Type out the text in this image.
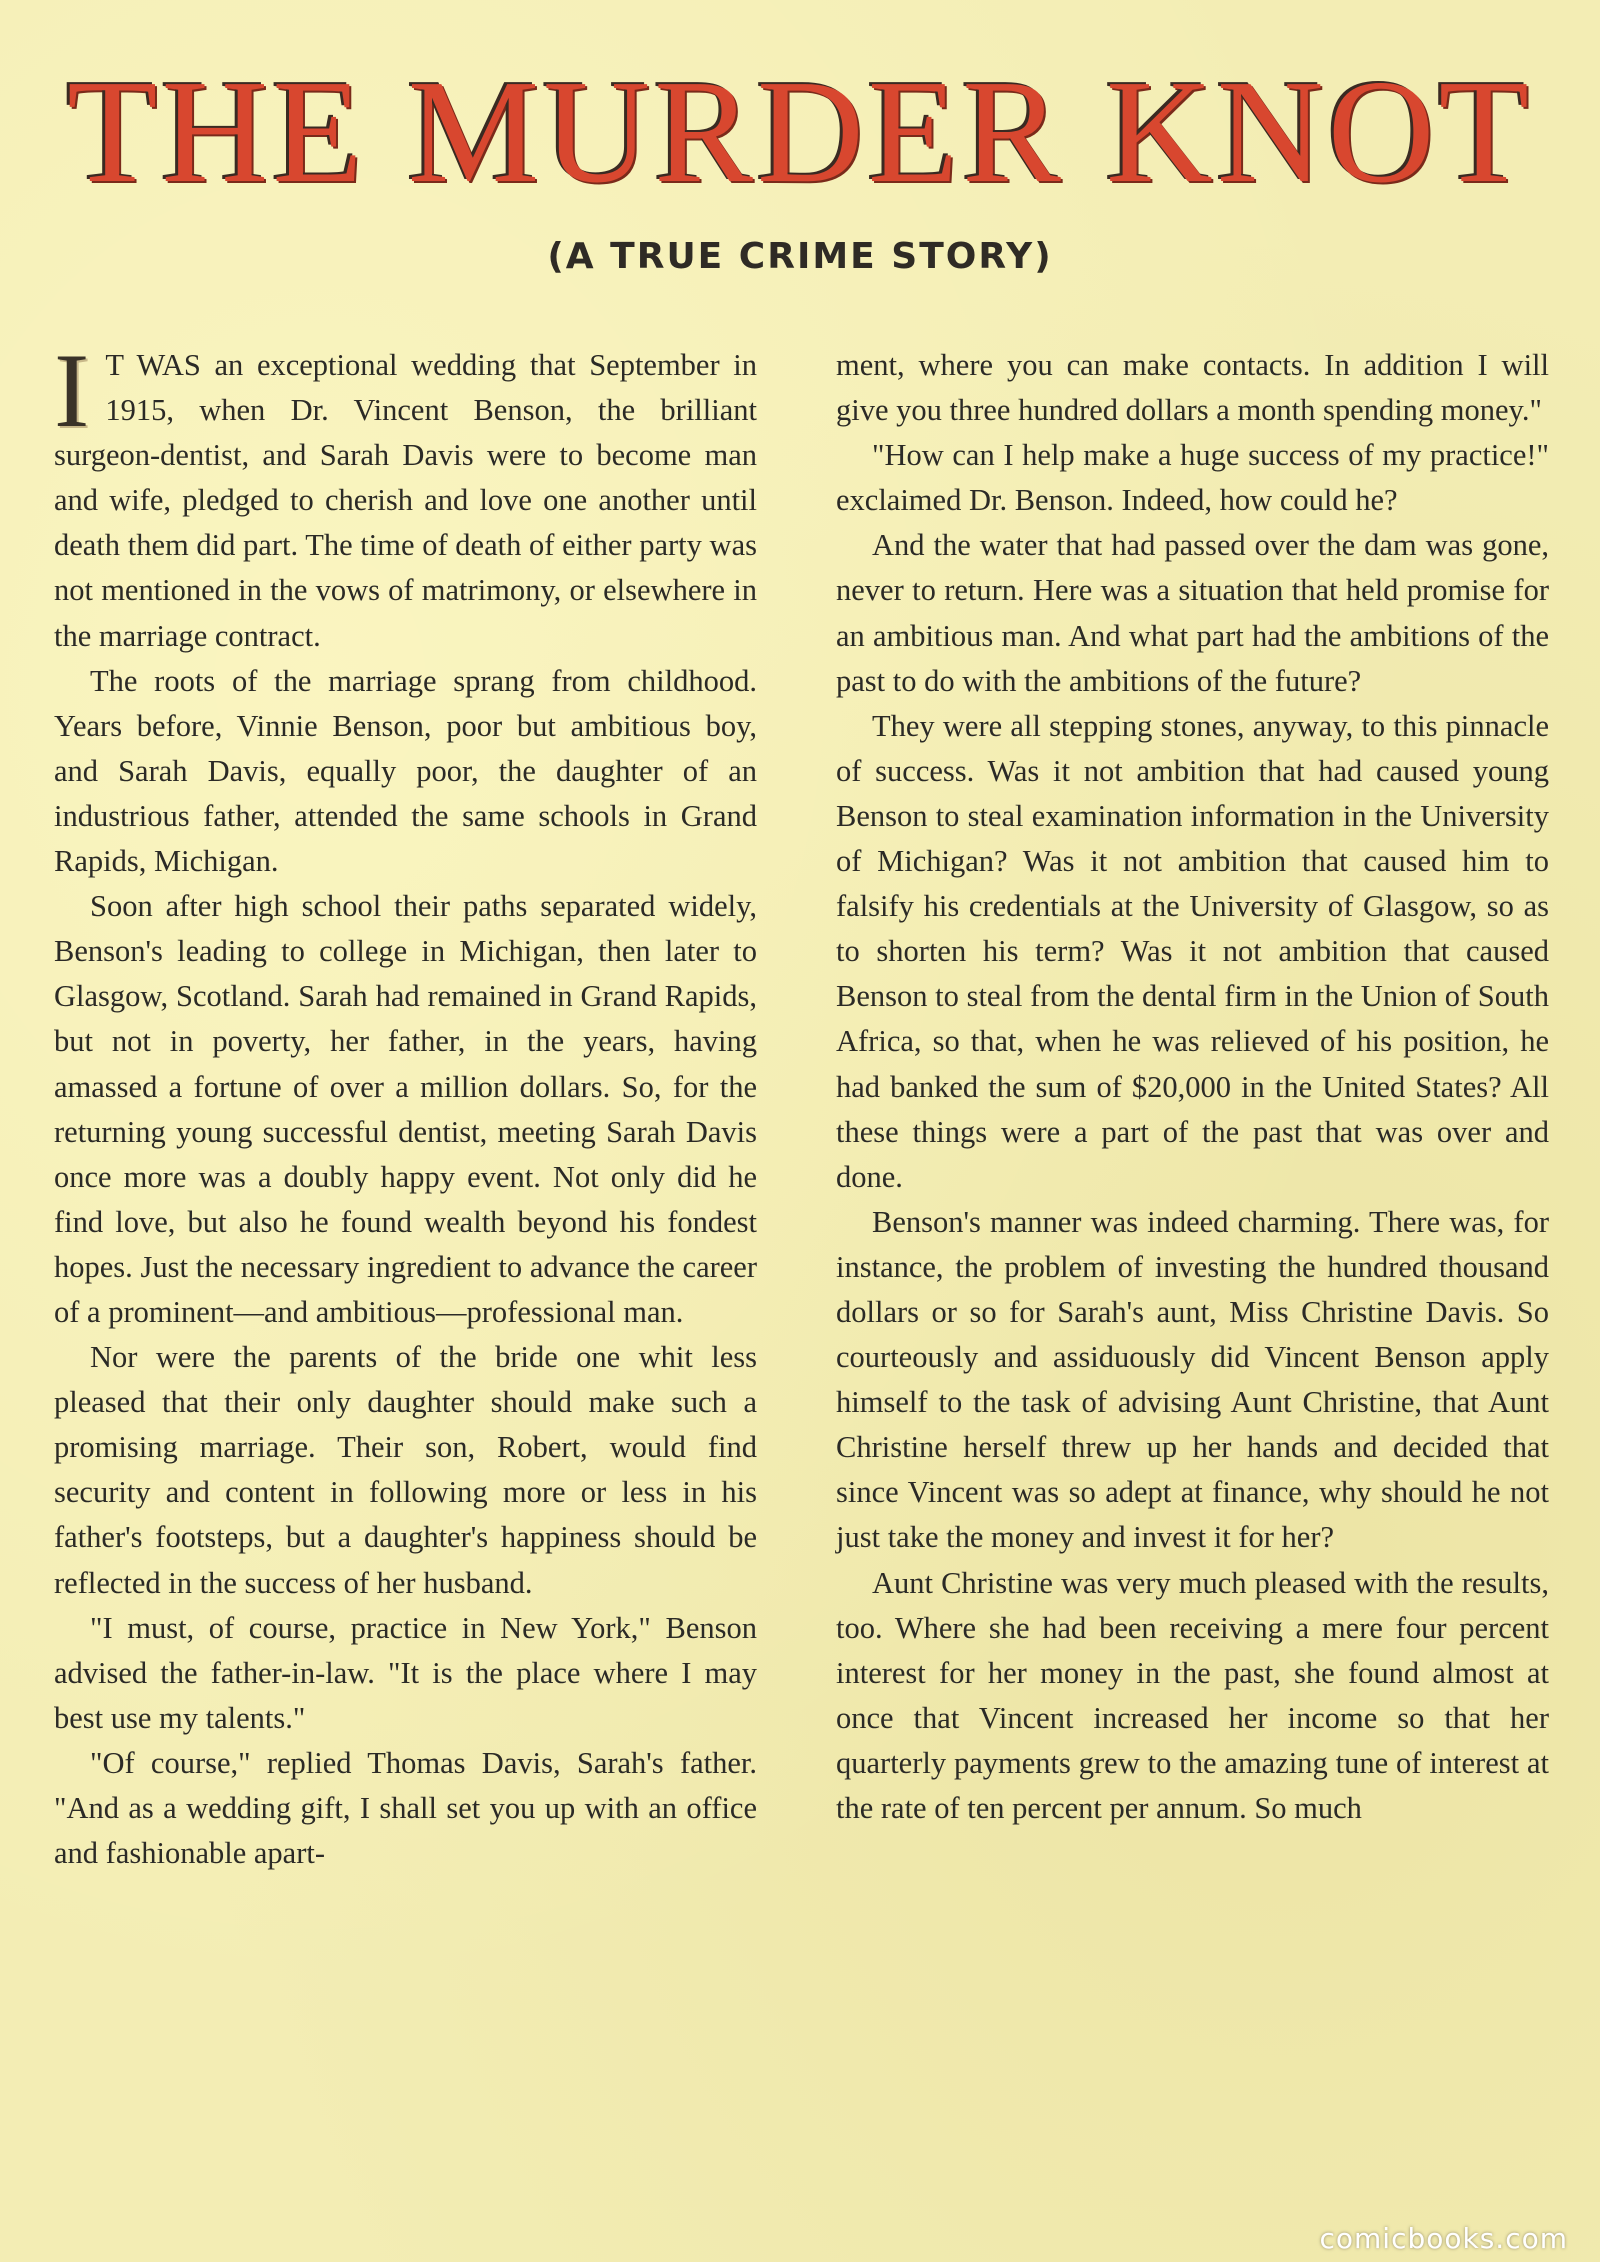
THE MURDER KNOT
(A TRUE CRIME STORY)

I T WAS an exceptional wedding that September in 1915, when Dr. Vincent Benson, the brilliant surgeon-dentist, and Sarah Davis were to become man and wife, pledged to cherish and love one another until death them did part. The time of death of either party was not mentioned in the vows of matrimony, or elsewhere in the marriage contract.

The roots of the marriage sprang from childhood. Years before, Vinnie Benson, poor but ambitious boy, and Sarah Davis, equally poor, the daughter of an industrious father, attended the same schools in Grand Rapids, Michigan.

Soon after high school their paths separated widely, Benson's leading to college in Michigan, then later to Glasgow, Scotland. Sarah had remained in Grand Rapids, but not in poverty, her father, in the years, having amassed a fortune of over a million dollars. So, for the returning young successful dentist, meeting Sarah Davis once more was a doubly happy event. Not only did he find love, but also he found wealth beyond his fondest hopes. Just the necessary ingredient to advance the career of a prominent—and ambitious—professional man.

Nor were the parents of the bride one whit less pleased that their only daughter should make such a promising marriage. Their son, Robert, would find security and content in following more or less in his father's footsteps, but a daughter's happiness should be reflected in the success of her husband.

"I must, of course, practice in New York," Benson advised the father-in-law. "It is the place where I may best use my talents."

"Of course," replied Thomas Davis, Sarah's father. "And as a wedding gift, I shall set you up with an office and fashionable apart-

ment, where you can make contacts. In addition I will give you three hundred dollars a month spending money."

"How can I help make a huge success of my practice!" exclaimed Dr. Benson. Indeed, how could he?

And the water that had passed over the dam was gone, never to return. Here was a situation that held promise for an ambitious man. And what part had the ambitions of the past to do with the ambitions of the future?

They were all stepping stones, anyway, to this pinnacle of success. Was it not ambition that had caused young Benson to steal examination information in the University of Michigan? Was it not ambition that caused him to falsify his credentials at the University of Glasgow, so as to shorten his term? Was it not ambition that caused Benson to steal from the dental firm in the Union of South Africa, so that, when he was relieved of his position, he had banked the sum of $20,000 in the United States? All these things were a part of the past that was over and done.

Benson's manner was indeed charming. There was, for instance, the problem of investing the hundred thousand dollars or so for Sarah's aunt, Miss Christine Davis. So courteously and assiduously did Vincent Benson apply himself to the task of advising Aunt Christine, that Aunt Christine herself threw up her hands and decided that since Vincent was so adept at finance, why should he not just take the money and invest it for her?

Aunt Christine was very much pleased with the results, too. Where she had been receiving a mere four percent interest for her money in the past, she found almost at once that Vincent increased her income so that her quarterly payments grew to the amazing tune of interest at the rate of ten percent per annum. So much

comicbooks.com
